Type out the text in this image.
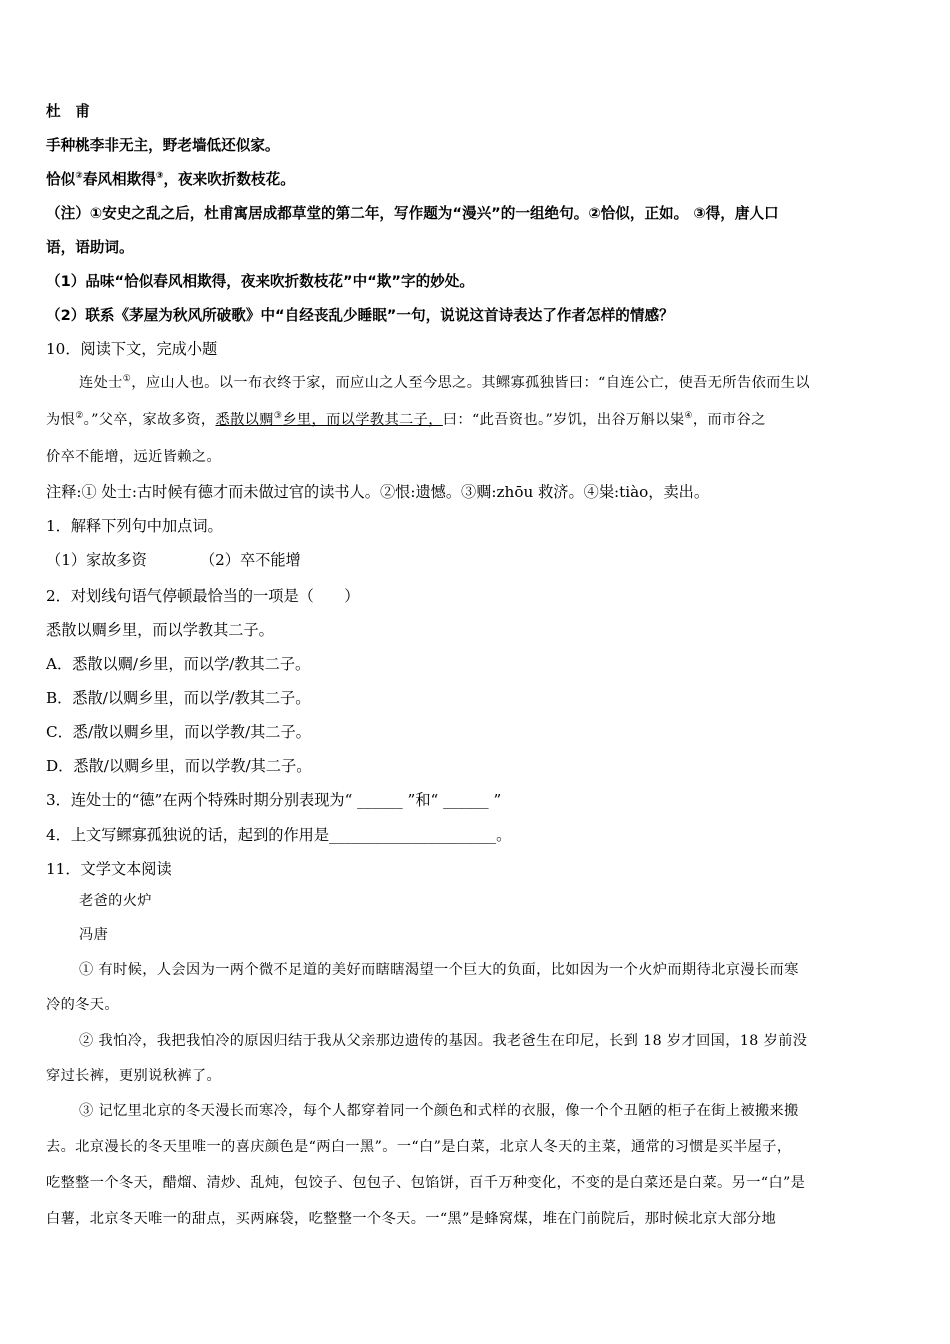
杜　甫
手种桃李非无主，野老墙低还似家。
恰似②春风相欺得③，夜来吹折数枝花。
（注）①安史之乱之后，杜甫寓居成都草堂的第二年，写作题为“漫兴”的一组绝句。②恰似，正如。 ③得，唐人口
语，语助词。
（1）品味“恰似春风相欺得，夜来吹折数枝花”中“欺”字的妙处。
（2）联系《茅屋为秋风所破歌》中“自经丧乱少睡眠”一句，说说这首诗表达了作者怎样的情感？
10．阅读下文，完成小题
连处士①，应山人也。以一布衣终于家，而应山之人至今思之。其鳏寡孤独皆曰：“自连公亡，使吾无所告依而生以
为恨②。”父卒，家故多资，悉散以赒③乡里，而以学教其二子，曰：“此吾资也。”岁饥，出谷万斛以粜④，而市谷之
价卒不能增，远近皆赖之。
注释:① 处士:古时候有德才而未做过官的读书人。②恨:遗憾。③赒:zhōu 救济。④粜:tiào，卖出。
1．解释下列句中加点词。
（1）家故多资　　　　（2）卒不能增
2．对划线句语气停顿最恰当的一项是（　　）
悉散以赒乡里，而以学教其二子。
A．悉散以赒/乡里，而以学/教其二子。
B．悉散/以赒乡里，而以学/教其二子。
C．悉/散以赒乡里，而以学教/其二子。
D．悉散/以赒乡里，而以学教/其二子。
3．连处士的“德”在两个特殊时期分别表现为“ ______ ”和“ ______ ”
4．上文写鳏寡孤独说的话，起到的作用是______________________。
11．文学文本阅读
老爸的火炉
冯唐
① 有时候，人会因为一两个微不足道的美好而瞎瞎渴望一个巨大的负面，比如因为一个火炉而期待北京漫长而寒
冷的冬天。
② 我怕冷，我把我怕冷的原因归结于我从父亲那边遗传的基因。我老爸生在印尼，长到 18 岁才回国，18 岁前没
穿过长裤，更别说秋裤了。
③ 记忆里北京的冬天漫长而寒冷，每个人都穿着同一个颜色和式样的衣服，像一个个丑陋的柜子在街上被搬来搬
去。北京漫长的冬天里唯一的喜庆颜色是“两白一黑”。一“白”是白菜，北京人冬天的主菜，通常的习惯是买半屋子，
吃整整一个冬天，醋熘、清炒、乱炖，包饺子、包包子、包馅饼，百千万种变化，不变的是白菜还是白菜。另一“白”是
白薯，北京冬天唯一的甜点，买两麻袋，吃整整一个冬天。一“黑”是蜂窝煤，堆在门前院后，那时候北京大部分地
